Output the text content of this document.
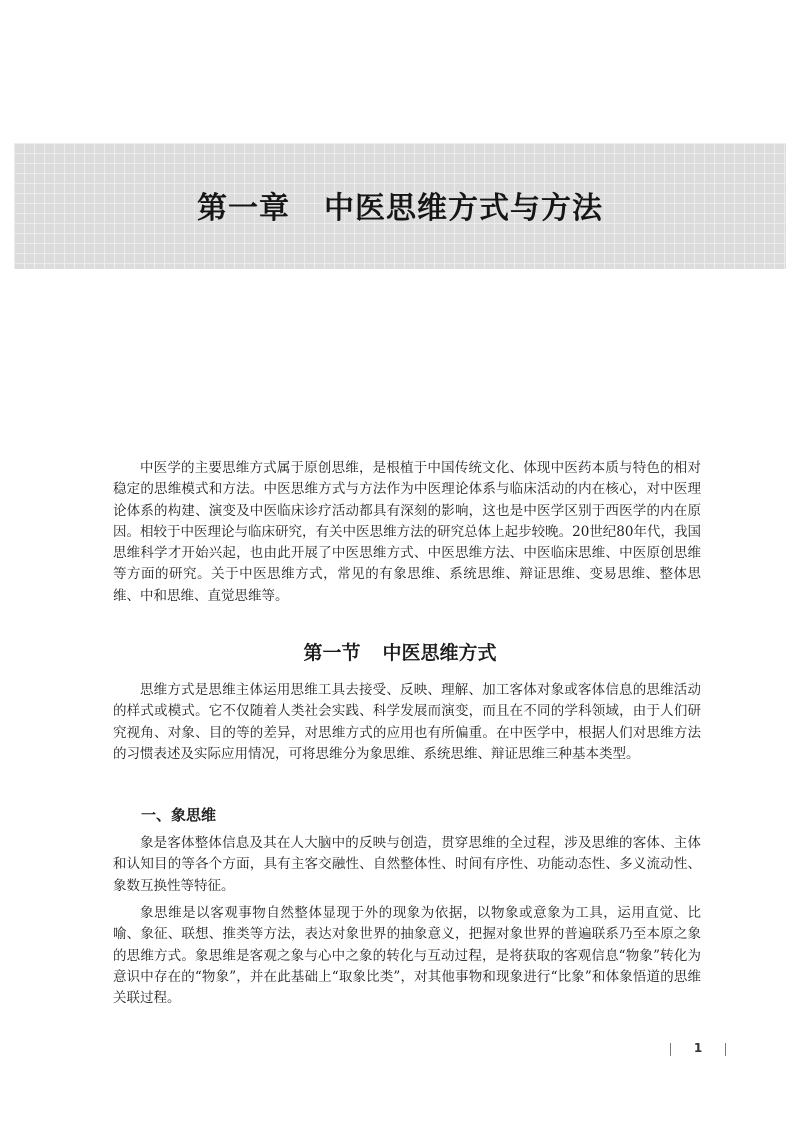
第一章 中医思维方式与方法

中医学的主要思维方式属于原创思维，是根植于中国传统文化、体现中医药本质与特色的相对稳定的思维模式和方法。中医思维方式与方法作为中医理论体系与临床活动的内在核心，对中医理论体系的构建、演变及中医临床诊疗活动都具有深刻的影响，这也是中医学区别于西医学的内在原因。相较于中医理论与临床研究，有关中医思维方法的研究总体上起步较晚。20世纪80年代，我国思维科学才开始兴起，也由此开展了中医思维方式、中医思维方法、中医临床思维、中医原创思维等方面的研究。关于中医思维方式，常见的有象思维、系统思维、辩证思维、变易思维、整体思维、中和思维、直觉思维等。

第一节 中医思维方式

思维方式是思维主体运用思维工具去接受、反映、理解、加工客体对象或客体信息的思维活动的样式或模式。它不仅随着人类社会实践、科学发展而演变，而且在不同的学科领域，由于人们研究视角、对象、目的等的差异，对思维方式的应用也有所偏重。在中医学中，根据人们对思维方法的习惯表述及实际应用情况，可将思维分为象思维、系统思维、辩证思维三种基本类型。

一、象思维

象是客体整体信息及其在人大脑中的反映与创造，贯穿思维的全过程，涉及思维的客体、主体和认知目的等各个方面，具有主客交融性、自然整体性、时间有序性、功能动态性、多义流动性、象数互换性等特征。

象思维是以客观事物自然整体显现于外的现象为依据，以物象或意象为工具，运用直觉、比喻、象征、联想、推类等方法，表达对象世界的抽象意义，把握对象世界的普遍联系乃至本原之象的思维方式。象思维是客观之象与心中之象的转化与互动过程，是将获取的客观信息“物象”转化为意识中存在的“物象”，并在此基础上“取象比类”，对其他事物和现象进行“比象”和体象悟道的思维关联过程。

1
